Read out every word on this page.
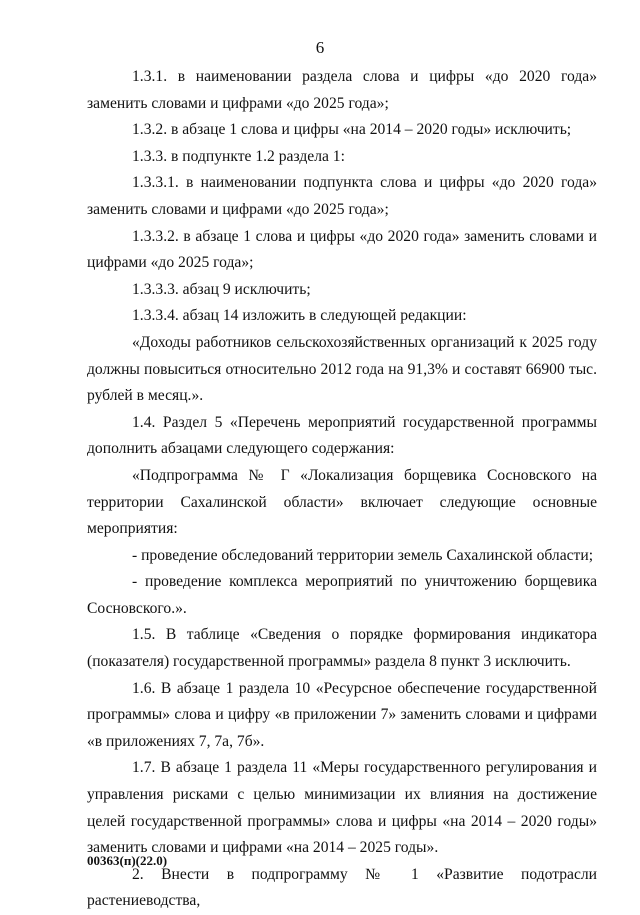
6

1.3.1. в наименовании раздела слова и цифры «до 2020 года» заменить словами и цифрами «до 2025 года»;

1.3.2. в абзаце 1 слова и цифры «на 2014 – 2020 годы» исключить;

1.3.3. в подпункте 1.2 раздела 1:

1.3.3.1. в наименовании подпункта слова и цифры «до 2020 года» заменить словами и цифрами «до 2025 года»;

1.3.3.2. в абзаце 1 слова и цифры «до 2020 года» заменить словами и цифрами «до 2025 года»;

1.3.3.3. абзац 9 исключить;

1.3.3.4. абзац 14 изложить в следующей редакции:

«Доходы работников сельскохозяйственных организаций к 2025 году должны повыситься относительно 2012 года на 91,3% и составят 66900 тыс. рублей в месяц.».

1.4. Раздел 5 «Перечень мероприятий государственной программы дополнить абзацами следующего содержания:

«Подпрограмма № Г «Локализация борщевика Сосновского на территории Сахалинской области» включает следующие основные мероприятия:

- проведение обследований территории земель Сахалинской области;

- проведение комплекса мероприятий по уничтожению борщевика Сосновского.».

1.5. В таблице «Сведения о порядке формирования индикатора (показателя) государственной программы» раздела 8 пункт 3 исключить.

1.6. В абзаце 1 раздела 10 «Ресурсное обеспечение государственной программы» слова и цифру «в приложении 7» заменить словами и цифрами «в приложениях 7, 7а, 7б».

1.7. В абзаце 1 раздела 11 «Меры государственного регулирования и управления рисками с целью минимизации их влияния на достижение целей государственной программы» слова и цифры «на 2014 – 2020 годы» заменить словами и цифрами «на 2014 – 2025 годы».

2. Внести в подпрограмму № 1 «Развитие подотрасли растениеводства,

00363(п)(22.0)
